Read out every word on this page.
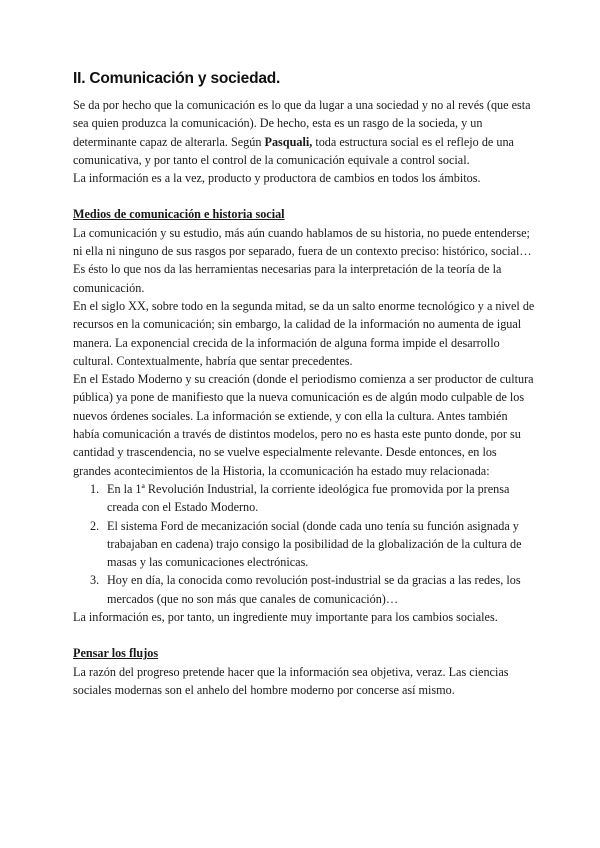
II. Comunicación y sociedad.

Se da por hecho que la comunicación es lo que da lugar a una sociedad y no al revés (que esta sea quien produzca la comunicación). De hecho, esta es un rasgo de la socieda, y un determinante capaz de alterarla. Según Pasquali, toda estructura social es el reflejo de una comunicativa, y por tanto el control de la comunicación equivale a control social.

La información es a la vez, producto y productora de cambios en todos los ámbitos.

Medios de comunicación e historia social

La comunicación y su estudio, más aún cuando hablamos de su historia, no puede entenderse; ni ella ni ninguno de sus rasgos por separado, fuera de un contexto preciso: histórico, social… Es ésto lo que nos da las herramientas necesarias para la interpretación de la teoría de la comunicación.

En el siglo XX, sobre todo en la segunda mitad, se da un salto enorme tecnológico y a nivel de recursos en la comunicación; sin embargo, la calidad de la información no aumenta de igual manera. La exponencial crecida de la información de alguna forma impide el desarrollo cultural. Contextualmente, habría que sentar precedentes.

En el Estado Moderno y su creación (donde el periodismo comienza a ser productor de cultura pública) ya pone de manifiesto que la nueva comunicación es de algún modo culpable de los nuevos órdenes sociales. La información se extiende, y con ella la cultura. Antes también había comunicación a través de distintos modelos, pero no es hasta este punto donde, por su cantidad y trascendencia, no se vuelve especialmente relevante. Desde entonces, en los grandes acontecimientos de la Historia, la ccomunicación ha estado muy relacionada:

1. En la 1ª Revolución Industrial, la corriente ideológica fue promovida por la prensa creada con el Estado Moderno.
2. El sistema Ford de mecanización social (donde cada uno tenía su función asignada y trabajaban en cadena) trajo consigo la posibilidad de la globalización de la cultura de masas y las comunicaciones electrónicas.
3. Hoy en día, la conocida como revolución post-industrial se da gracias a las redes, los mercados (que no son más que canales de comunicación)…

La información es, por tanto, un ingrediente muy importante para los cambios sociales.

Pensar los flujos

La razón del progreso pretende hacer que la información sea objetiva, veraz. Las ciencias sociales modernas son el anhelo del hombre moderno por concerse así mismo.
